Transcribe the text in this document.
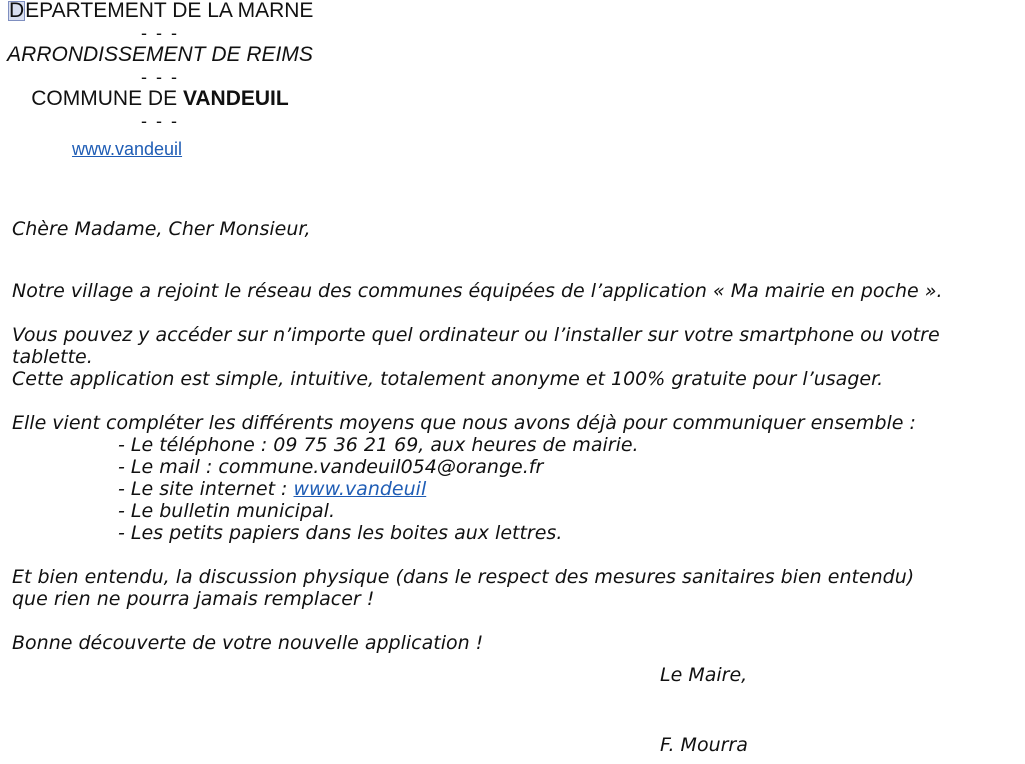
DEPARTEMENT DE LA MARNE
- - -
ARRONDISSEMENT DE REIMS
- - -
COMMUNE DE VANDEUIL
- - -
www.vandeuil
Chère Madame, Cher Monsieur,
Notre village a rejoint le réseau des communes équipées de l’application « Ma mairie en poche ».
Vous pouvez y accéder sur n’importe quel ordinateur ou l’installer sur votre smartphone ou votre
tablette.
Cette application est simple, intuitive, totalement anonyme et 100% gratuite pour l’usager.
Elle vient compléter les différents moyens que nous avons déjà pour communiquer ensemble :
- Le téléphone : 09 75 36 21 69, aux heures de mairie.
- Le mail : commune.vandeuil054@orange.fr
- Le site internet : www.vandeuil
- Le bulletin municipal.
- Les petits papiers dans les boites aux lettres.
Et bien entendu, la discussion physique (dans le respect des mesures sanitaires bien entendu)
que rien ne pourra jamais remplacer !
Bonne découverte de votre nouvelle application !
Le Maire,
F. Mourra
